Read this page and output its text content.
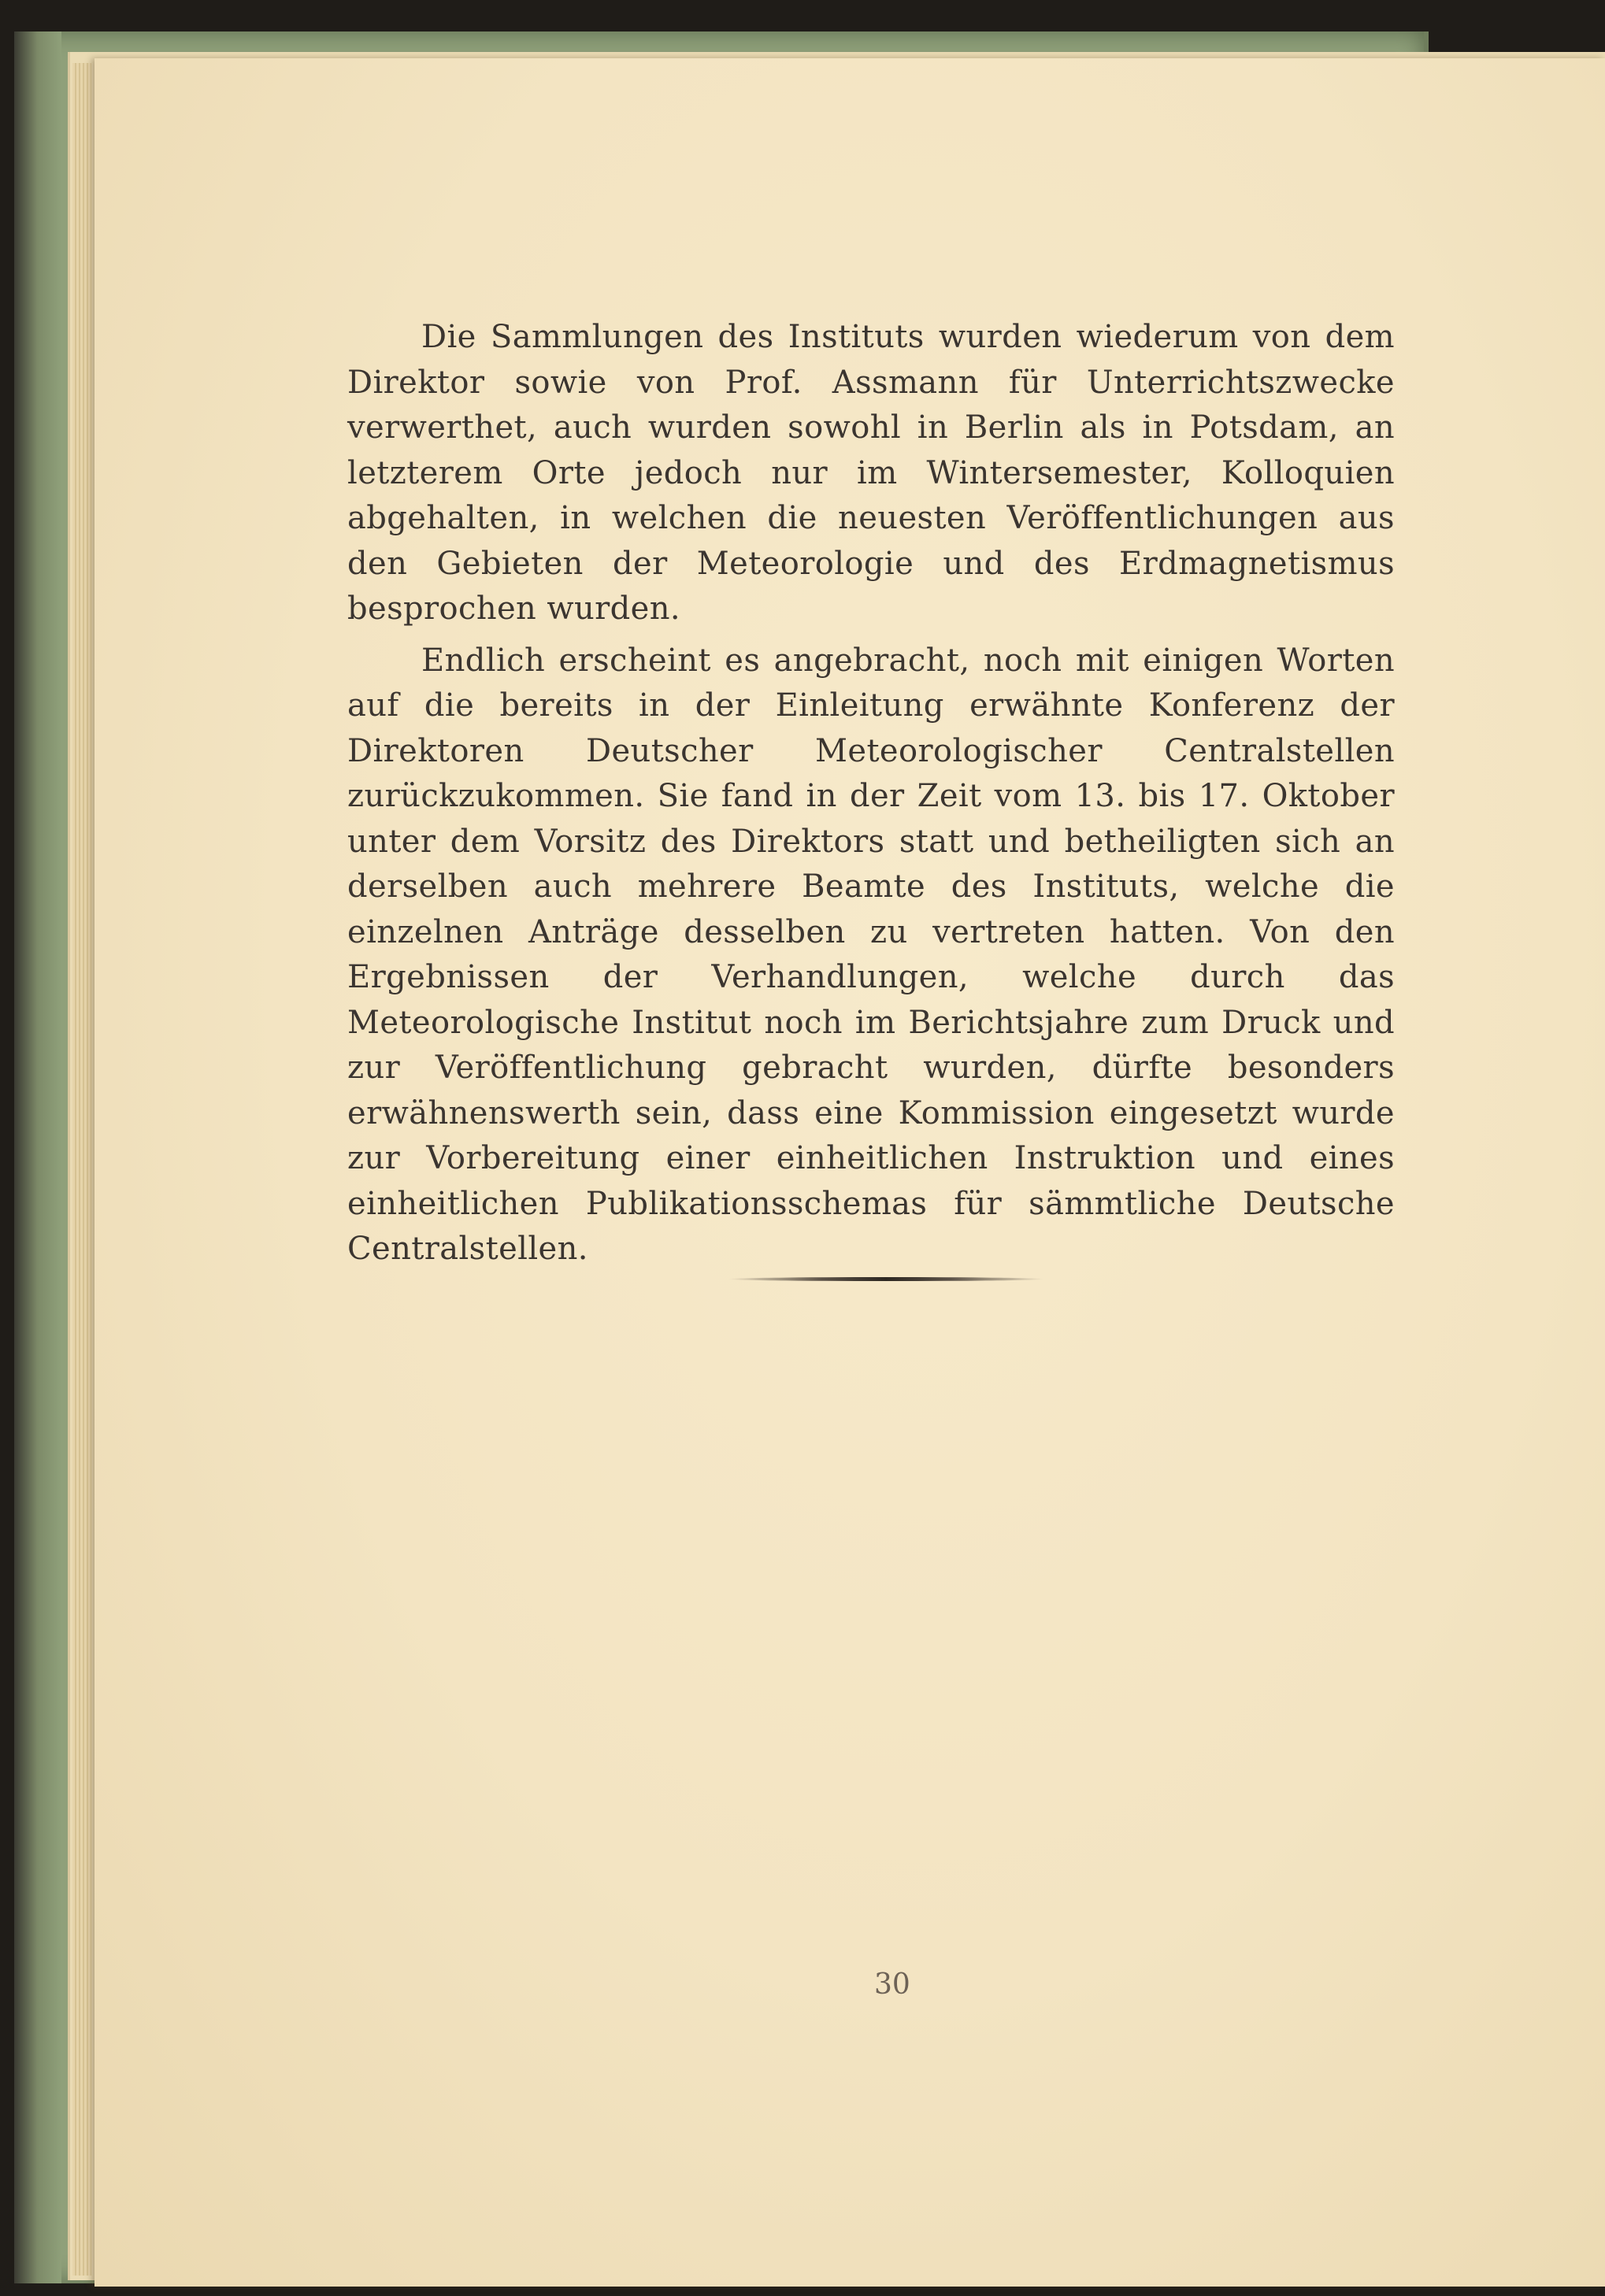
Die Sammlungen des Instituts wurden wiederum von dem Direktor sowie von Prof. Assmann für Unterrichtszwecke verwerthet, auch wurden sowohl in Berlin als in Potsdam, an letzterem Orte jedoch nur im Wintersemester, Kolloquien abgehalten, in welchen die neuesten Veröffentlichungen aus den Gebieten der Meteorologie und des Erdmagnetismus besprochen wurden.

Endlich erscheint es angebracht, noch mit einigen Worten auf die bereits in der Einleitung erwähnte Konferenz der Direktoren Deutscher Meteorologischer Centralstellen zurückzukommen. Sie fand in der Zeit vom 13. bis 17. Oktober unter dem Vorsitz des Direktors statt und betheiligten sich an derselben auch mehrere Beamte des Instituts, welche die einzelnen Anträge desselben zu vertreten hatten. Von den Ergebnissen der Verhandlungen, welche durch das Meteorologische Institut noch im Berichtsjahre zum Druck und zur Veröffentlichung gebracht wurden, dürfte besonders erwähnenswerth sein, dass eine Kommission eingesetzt wurde zur Vorbereitung einer einheitlichen Instruktion und eines einheitlichen Publikationsschemas für sämmtliche Deutsche Centralstellen.

30
